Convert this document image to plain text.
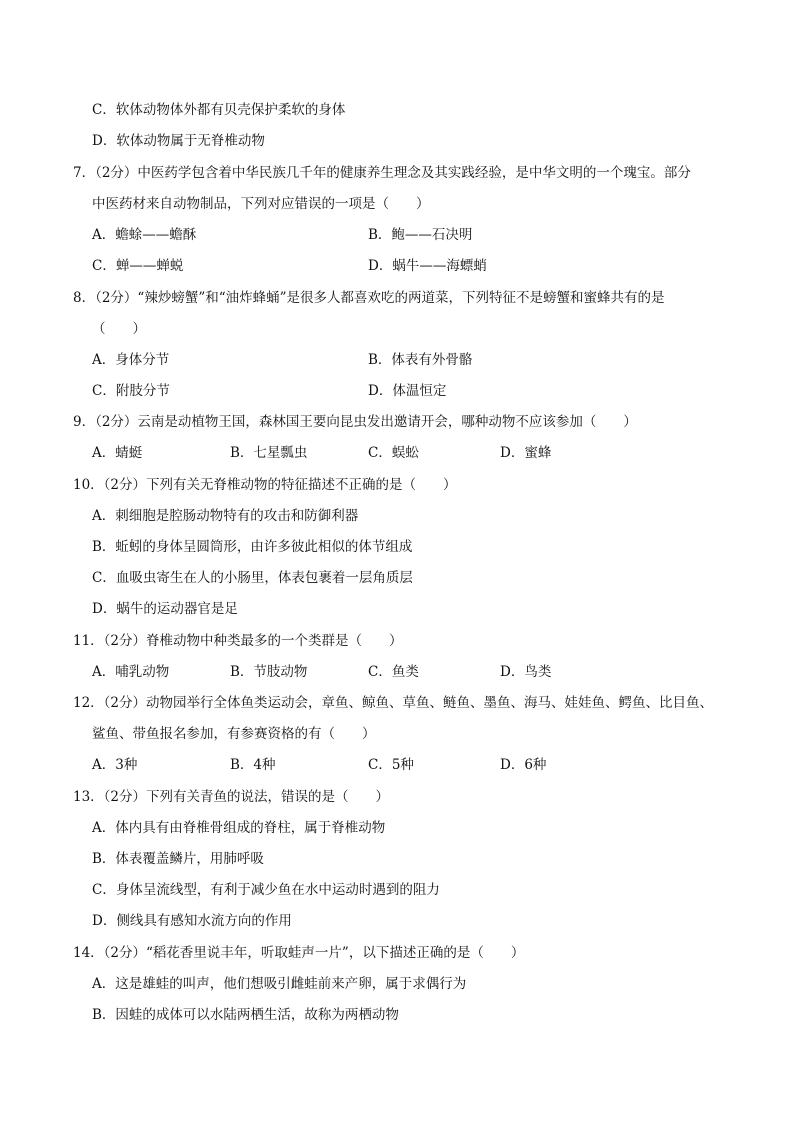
C．软体动物体外都有贝壳保护柔软的身体
D．软体动物属于无脊椎动物
7．（2分）中医药学包含着中华民族几千年的健康养生理念及其实践经验，是中华文明的一个瑰宝。部分
中医药材来自动物制品，下列对应错误的一项是（　　）
A．蟾蜍——蟾酥	B．鲍——石决明
C．蝉——蝉蜕	D．蜗牛——海螵蛸
8．（2分）“辣炒螃蟹”和“油炸蜂蛹”是很多人都喜欢吃的两道菜，下列特征不是螃蟹和蜜蜂共有的是
（　　）
A．身体分节	B．体表有外骨骼
C．附肢分节	D．体温恒定
9．（2分）云南是动植物王国，森林国王要向昆虫发出邀请开会，哪种动物不应该参加（　　）
A．蜻蜓	B．七星瓢虫	C．蜈蚣	D．蜜蜂
10．（2分）下列有关无脊椎动物的特征描述不正确的是（　　）
A．刺细胞是腔肠动物特有的攻击和防御利器
B．蚯蚓的身体呈圆筒形，由许多彼此相似的体节组成
C．血吸虫寄生在人的小肠里，体表包裹着一层角质层
D．蜗牛的运动器官是足
11．（2分）脊椎动物中种类最多的一个类群是（　　）
A．哺乳动物	B．节肢动物	C．鱼类	D．鸟类
12．（2分）动物园举行全体鱼类运动会，章鱼、鲸鱼、草鱼、鲢鱼、墨鱼、海马、娃娃鱼、鳄鱼、比目鱼、
鲨鱼、带鱼报名参加，有参赛资格的有（　　）
A．3种	B．4种	C．5种	D．6种
13．（2分）下列有关青鱼的说法，错误的是（　　）
A．体内具有由脊椎骨组成的脊柱，属于脊椎动物
B．体表覆盖鳞片，用肺呼吸
C．身体呈流线型，有利于减少鱼在水中运动时遇到的阻力
D．侧线具有感知水流方向的作用
14．（2分）“稻花香里说丰年，听取蛙声一片”，以下描述正确的是（　　）
A．这是雄蛙的叫声，他们想吸引雌蛙前来产卵，属于求偶行为
B．因蛙的成体可以水陆两栖生活，故称为两栖动物
